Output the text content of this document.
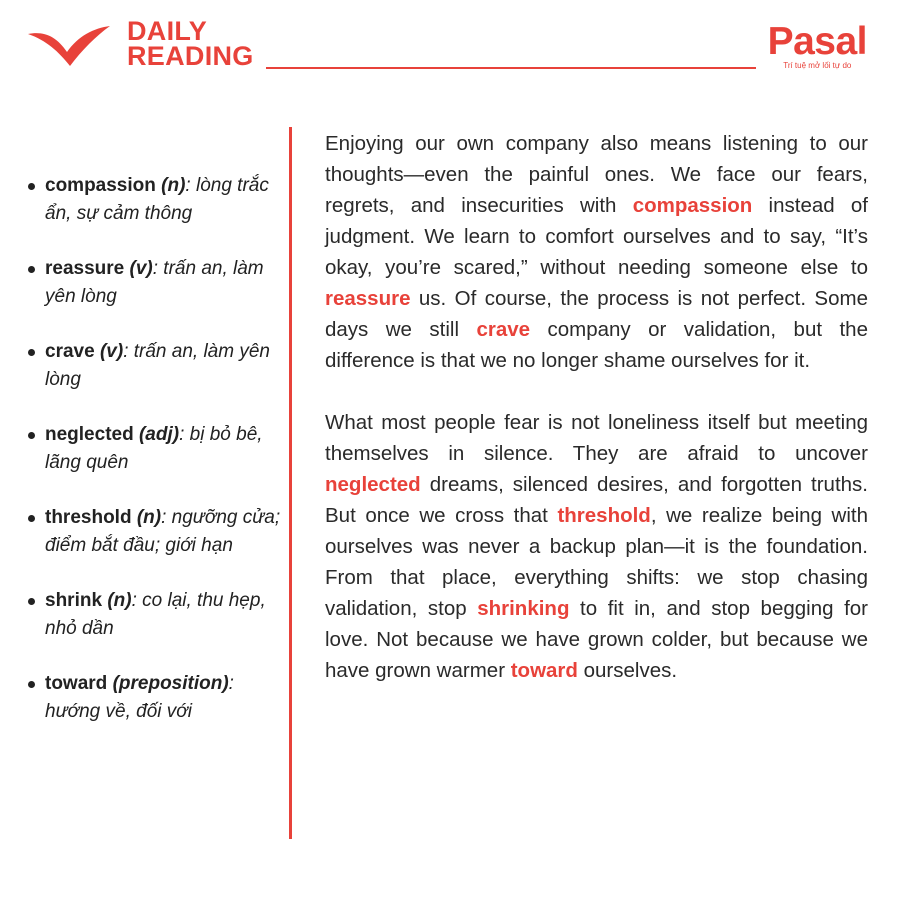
DAILY
READING	Pasal
Trí tuệ mở lối tự do
compassion (n): lòng trắc ẩn, sự cảm thông
reassure (v): trấn an, làm yên lòng
crave (v): trấn an, làm yên lòng
neglected (adj): bị bỏ bê, lãng quên
threshold (n): ngưỡng cửa; điểm bắt đầu; giới hạn
shrink (n): co lại, thu hẹp, nhỏ dần
toward (preposition): hướng về, đối với

Enjoying our own company also means listening to our thoughts—even the painful ones. We face our fears, regrets, and insecurities with compassion instead of judgment. We learn to comfort ourselves and to say, “It’s okay, you’re scared,” without needing someone else to reassure us. Of course, the process is not perfect. Some days we still crave company or validation, but the difference is that we no longer shame ourselves for it.

What most people fear is not loneliness itself but meeting themselves in silence. They are afraid to uncover neglected dreams, silenced desires, and forgotten truths. But once we cross that threshold, we realize being with ourselves was never a backup plan—it is the foundation. From that place, everything shifts: we stop chasing validation, stop shrinking to fit in, and stop begging for love. Not because we have grown colder, but because we have grown warmer toward ourselves.
